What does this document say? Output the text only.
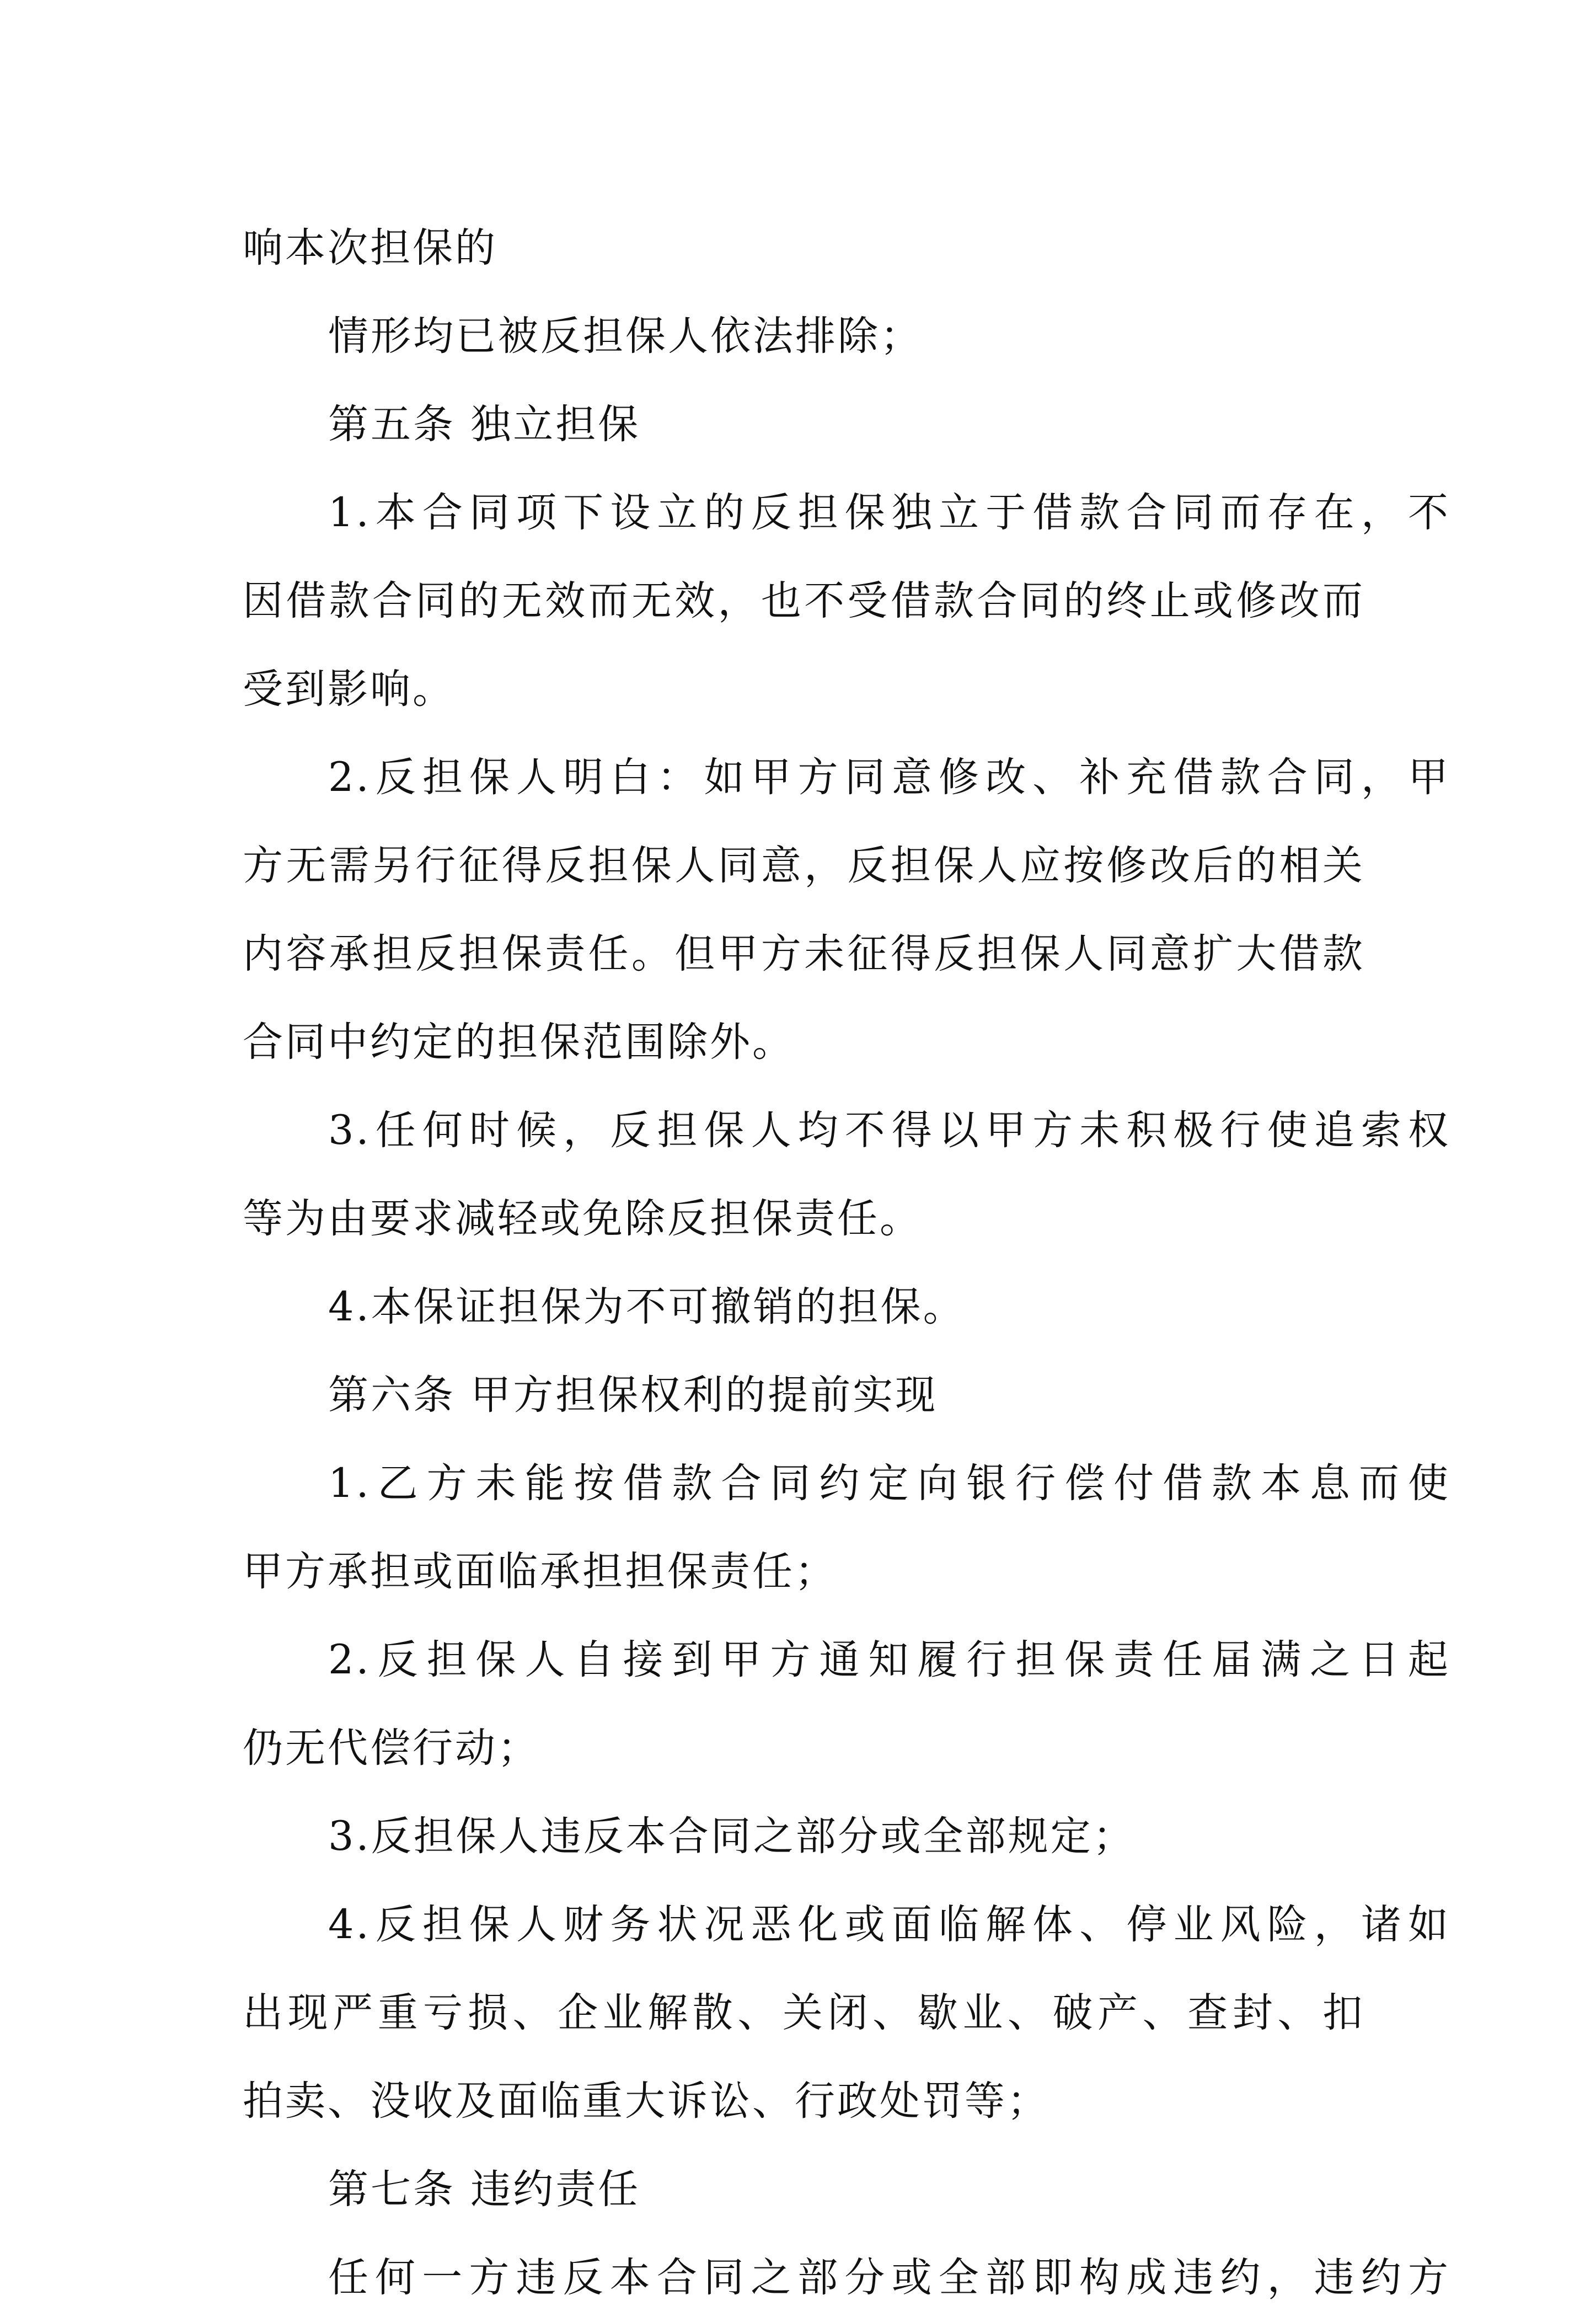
响本次担保的
情形均已被反担保人依法排除；
第五条 独立担保
1.本合同项下设立的反担保独立于借款合同而存在，不
因借款合同的无效而无效，也不受借款合同的终止或修改而
受到影响。
2.反担保人明白：如甲方同意修改、补充借款合同，甲
方无需另行征得反担保人同意，反担保人应按修改后的相关
内容承担反担保责任。但甲方未征得反担保人同意扩大借款
合同中约定的担保范围除外。
3.任何时候，反担保人均不得以甲方未积极行使追索权
等为由要求减轻或免除反担保责任。
4.本保证担保为不可撤销的担保。
第六条 甲方担保权利的提前实现
1.乙方未能按借款合同约定向银行偿付借款本息而使
甲方承担或面临承担担保责任；
2.反担保人自接到甲方通知履行担保责任届满之日起
仍无代偿行动；
3.反担保人违反本合同之部分或全部规定；
4.反担保人财务状况恶化或面临解体、停业风险，诸如
出现严重亏损、企业解散、关闭、歇业、破产、查封、扣
拍卖、没收及面临重大诉讼、行政处罚等；
第七条 违约责任
任何一方违反本合同之部分或全部即构成违约，违约方
